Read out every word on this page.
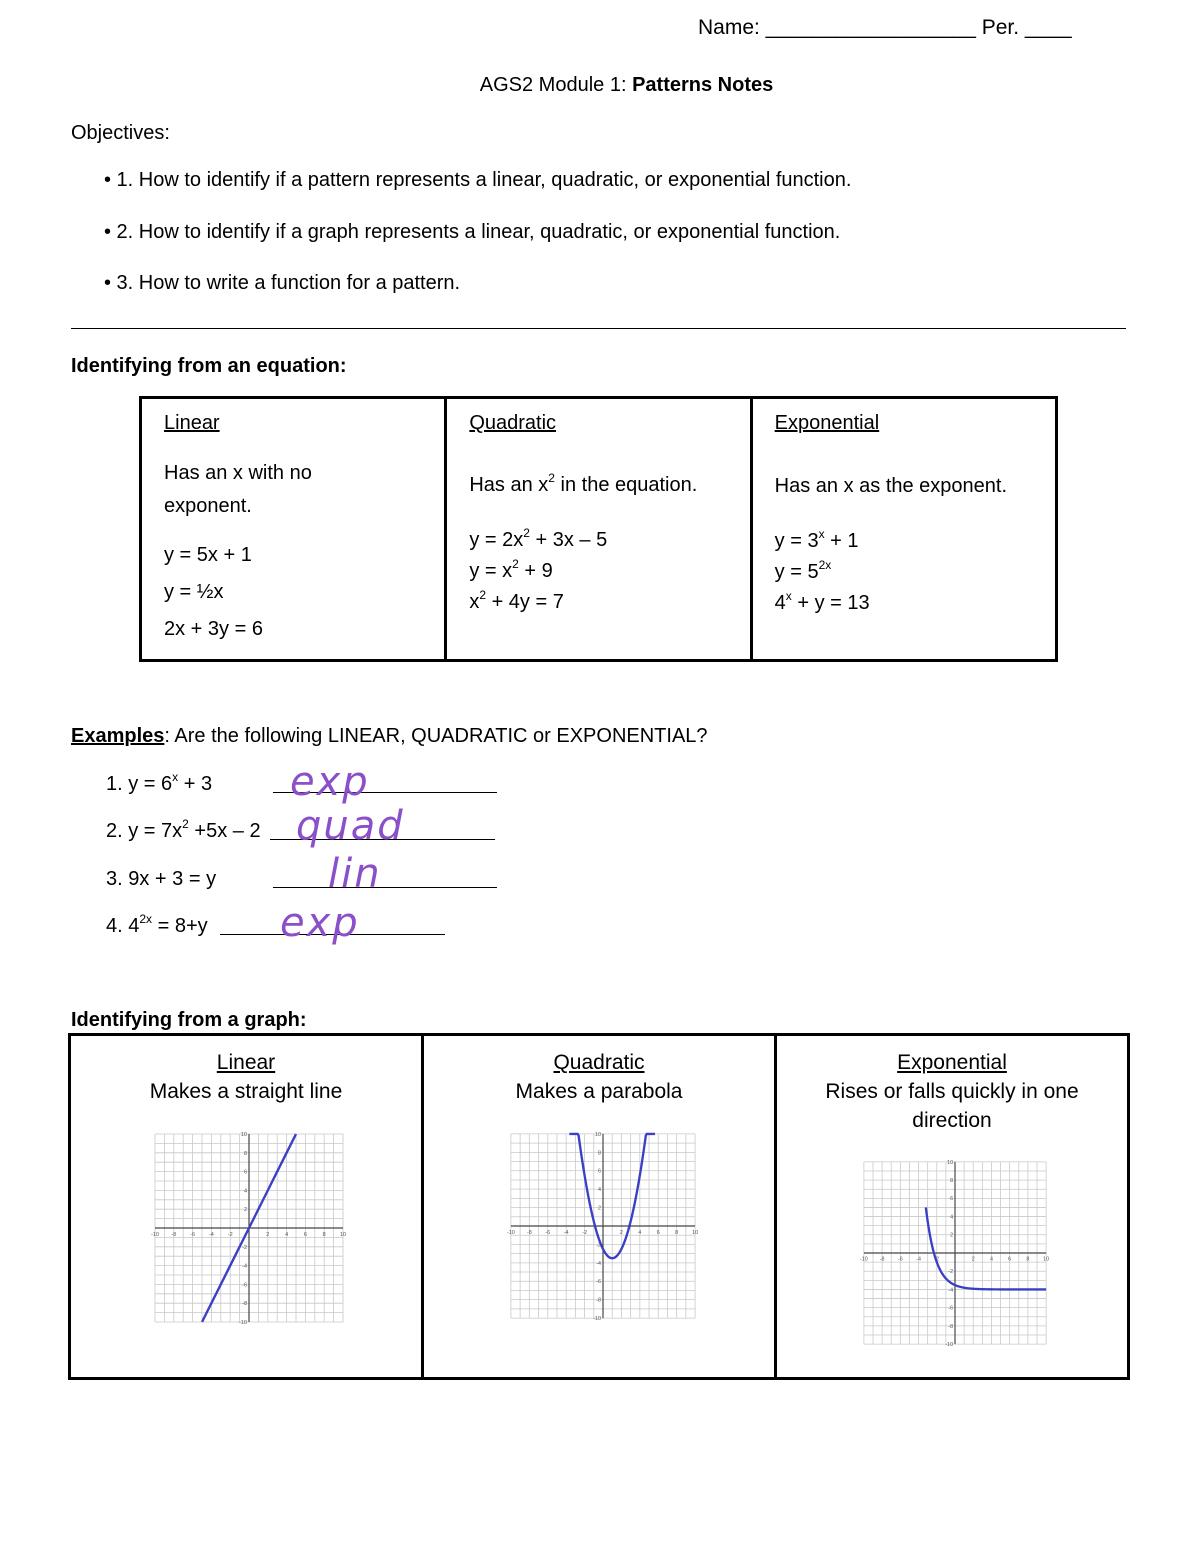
Name: __________________ Per. ____
AGS2 Module 1: Patterns Notes
Objectives:
• 1. How to identify if a pattern represents a linear, quadratic, or exponential function.
• 2. How to identify if a graph represents a linear, quadratic, or exponential function.
• 3. How to write a function for a pattern.
Identifying from an equation:
Linear
Has an x with no exponent.
y = 5x + 1
y = ½x
2x + 3y = 6
Quadratic
Has an $x^2$ in the equation.
$y = 2x^2 + 3x - 5$
$y = x^2 + 9$
$x^2 + 4y = 7$
Exponential
Has an x as the exponent.
$y = 3^x + 1$
$y = 5^{2x}$
$4^x + y = 13$
Examples: Are the following LINEAR, QUADRATIC or EXPONENTIAL?
1. $y = 6^x + 3$ exp
2. $y = 7x^2 +5x - 2$ quad
3. 9x + 3 = y	lin
4. $4^{2x} = 8+y$ exp
Identifying from a graph:
Linear
Makes a straight line
-10
-10
-8
-8
-6
-6
-4
-4
-2
-2
2
2
4
4
6
6
8
8
10
10
Quadratic
Makes a parabola
-10
-10
-8
-8
-6
-6
-4
-4
-2
-2
2
2
4
4
6
6
8
8
10
10
Exponential
Rises or falls quickly in one direction
-10
-10
-8
-8
-6
-6
-4
-4
-2
-2
2
2
4
4
6
6
8
8
10
10
